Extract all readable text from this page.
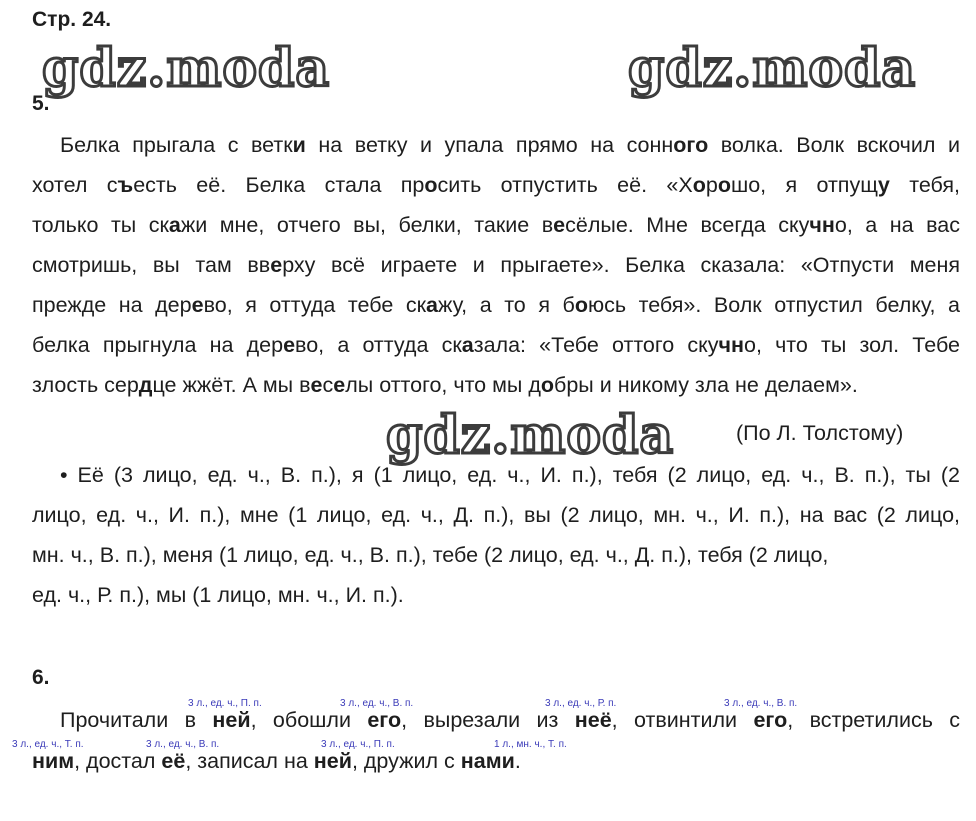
Стр. 24.
gdz.moda	gdz.moda
5.
Белка прыгала с ветки на ветку и упала прямо на сонного волка. Волк вскочил и
хотел съесть её. Белка стала просить отпустить её. «Хорошо, я отпущу тебя,
только ты скажи мне, отчего вы, белки, такие весёлые. Мне всегда скучно, а на вас
смотришь, вы там вверху всё играете и прыгаете». Белка сказала: «Отпусти меня
прежде на дерево, я оттуда тебе скажу, а то я боюсь тебя». Волк отпустил белку, а
белка прыгнула на дерево, а оттуда сказала: «Тебе оттого скучно, что ты зол. Тебе
злость сердце жжёт. А мы веселы оттого, что мы добры и никому зла не делаем».
gdz.moda	(По Л. Толстому)
• Её (3 лицо, ед. ч., В. п.), я (1 лицо, ед. ч., И. п.), тебя (2 лицо, ед. ч., В. п.), ты (2
лицо, ед. ч., И. п.), мне (1 лицо, ед. ч., Д. п.), вы (2 лицо, мн. ч., И. п.), на вас (2 лицо,
мн. ч., В. п.), меня (1 лицо, ед. ч., В. п.), тебе (2 лицо, ед. ч., Д. п.), тебя (2 лицо,
ед. ч., Р. п.), мы (1 лицо, мн. ч., И. п.).
6.
3 л., ед. ч., П. п.	3 л., ед. ч., В. п.	3 л., ед. ч., Р. п.	3 л., ед. ч., В. п.
Прочитали в ней, обошли его, вырезали из неё, отвинтили его, встретились с
3 л., ед. ч., Т. п.	3 л., ед. ч., В. п.	3 л., ед. ч., П. п.	1 л., мн. ч., Т. п.
ним, достал её, записал на ней, дружил с нами.
